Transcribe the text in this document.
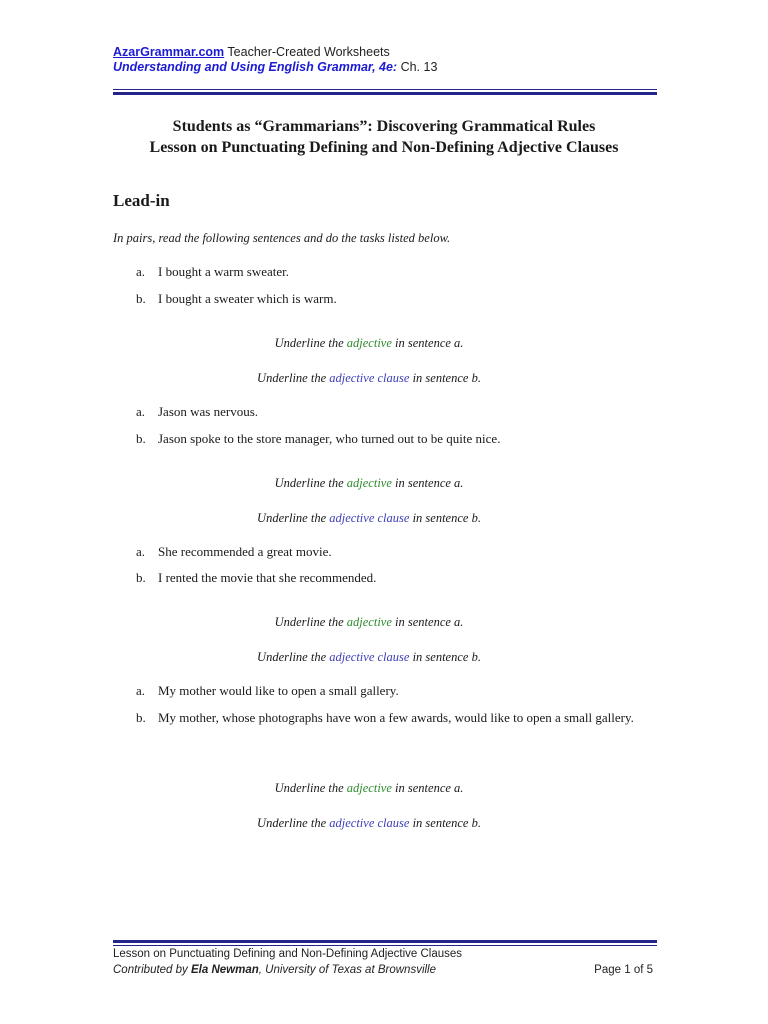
AzarGrammar.com Teacher-Created Worksheets
Understanding and Using English Grammar, 4e: Ch. 13
Students as “Grammarians”: Discovering Grammatical Rules
Lesson on Punctuating Defining and Non-Defining Adjective Clauses
Lead-in
In pairs, read the following sentences and do the tasks listed below.
a. I bought a warm sweater.
b. I bought a sweater which is warm.
Underline the adjective in sentence a.
Underline the adjective clause in sentence b.
a. Jason was nervous.
b. Jason spoke to the store manager, who turned out to be quite nice.
Underline the adjective in sentence a.
Underline the adjective clause in sentence b.
a. She recommended a great movie.
b. I rented the movie that she recommended.
Underline the adjective in sentence a.
Underline the adjective clause in sentence b.
a. My mother would like to open a small gallery.
b. My mother, whose photographs have won a few awards, would like to open a small gallery.
Underline the adjective in sentence a.
Underline the adjective clause in sentence b.
Lesson on Punctuating Defining and Non-Defining Adjective Clauses
Contributed by Ela Newman, University of Texas at Brownsville	Page 1 of 5
